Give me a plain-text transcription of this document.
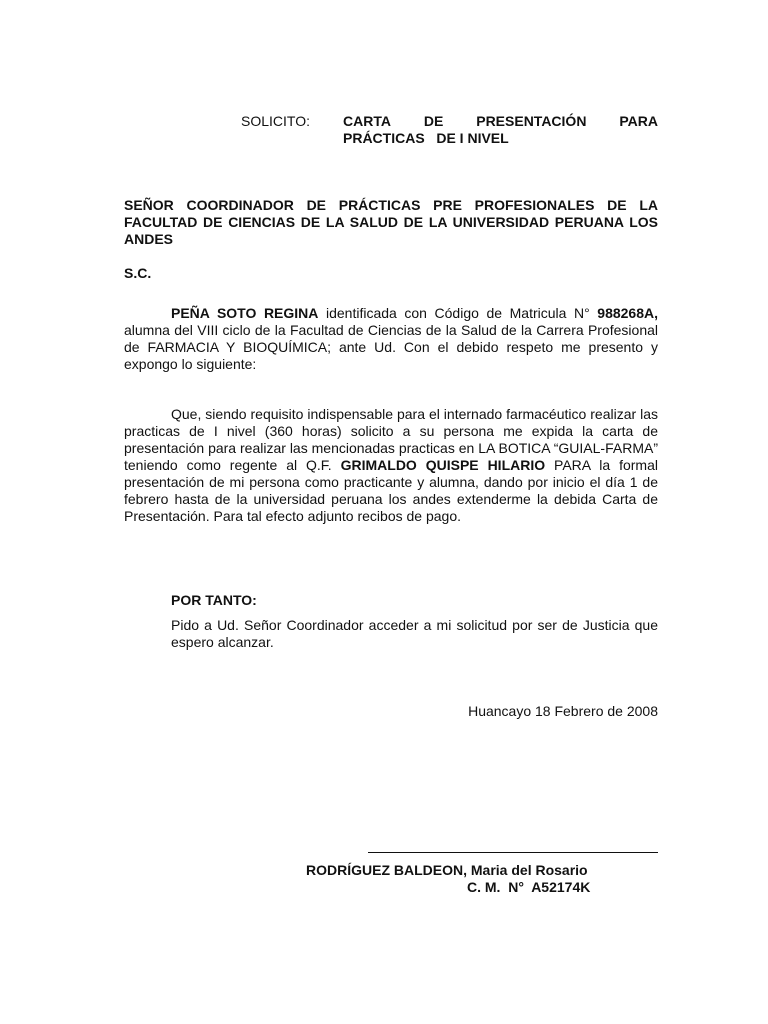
SOLICITO: CARTA DE PRESENTACIÓN PARA
PRÁCTICAS   DE I NIVEL
SEÑOR COORDINADOR DE PRÁCTICAS PRE PROFESIONALES DE LA FACULTAD DE CIENCIAS DE LA SALUD DE LA UNIVERSIDAD PERUANA LOS ANDES
S.C.

PEÑA SOTO REGINA identificada con Código de Matricula N° 988268A, alumna del VIII ciclo de la Facultad de Ciencias de la Salud de la Carrera Profesional de FARMACIA Y BIOQUÍMICA; ante Ud. Con el debido respeto me presento y expongo lo siguiente:

Que, siendo requisito indispensable para el internado farmacéutico realizar las practicas de I nivel (360 horas) solicito a su persona me expida la carta de presentación para realizar las mencionadas practicas en LA BOTICA “GUIAL-FARMA” teniendo como regente al Q.F. GRIMALDO QUISPE HILARIO PARA la formal presentación de mi persona como practicante y alumna, dando por inicio el día 1 de febrero hasta de la universidad peruana los andes extenderme la debida Carta de Presentación. Para tal efecto adjunto recibos de pago.

POR TANTO:

Pido a Ud. Señor Coordinador acceder a mi solicitud por ser de Justicia que espero alcanzar.

Huancayo 18 Febrero de 2008
RODRÍGUEZ BALDEON, Maria del Rosario
C. M.  N°  A52174K
